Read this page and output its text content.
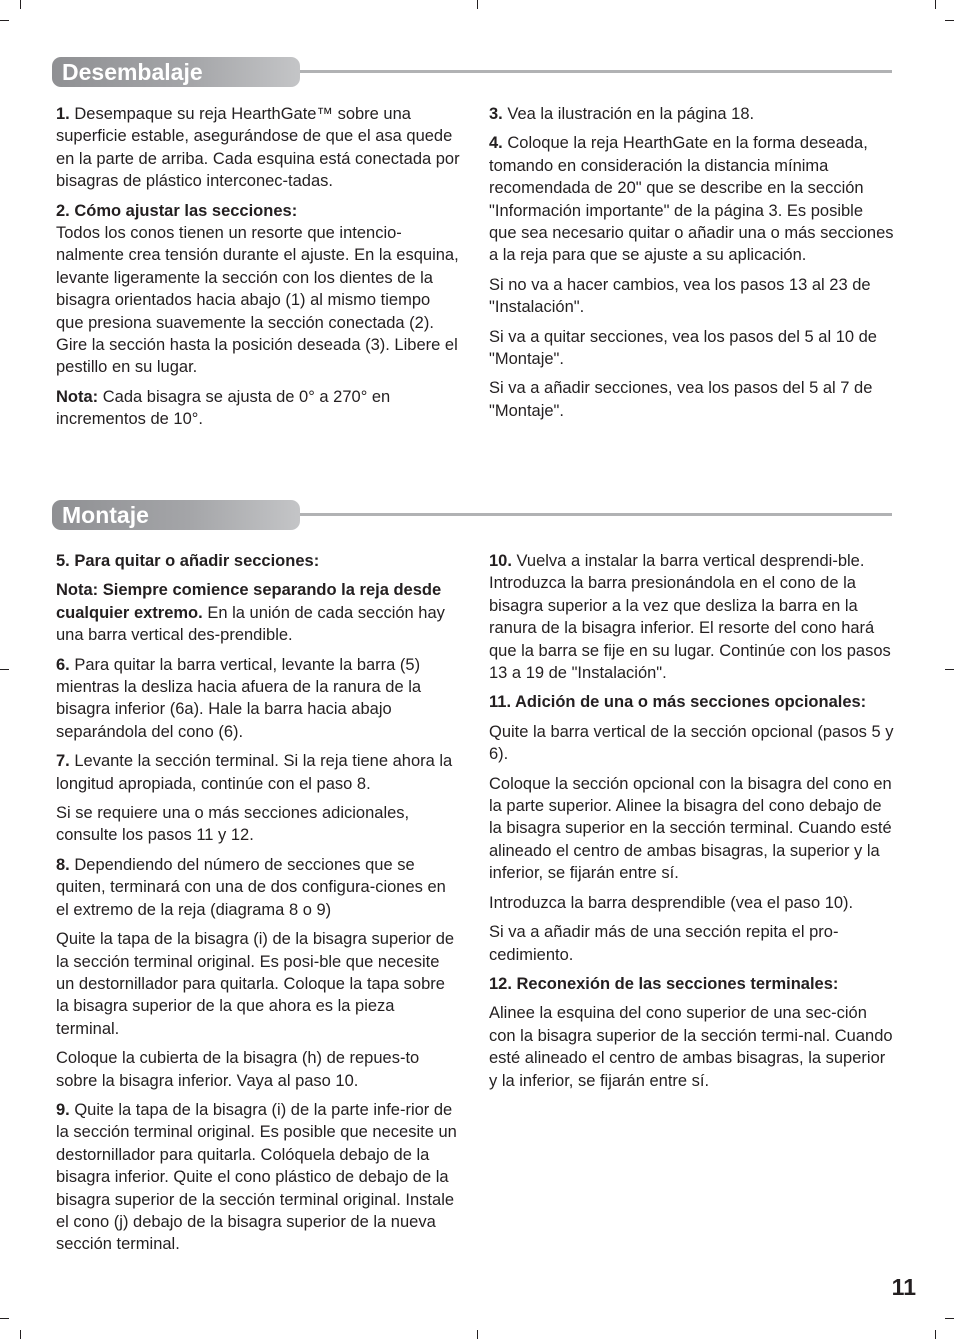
Desembalaje

1. Desempaque su reja HearthGate™ sobre una superficie estable, asegurándose de que el asa quede en la parte de arriba. Cada esquina está conectada por bisagras de plástico interconec-tadas.

2. Cómo ajustar las secciones:
Todos los conos tienen un resorte que intencio-nalmente crea tensión durante el ajuste. En la esquina, levante ligeramente la sección con los dientes de la bisagra orientados hacia abajo (1) al mismo tiempo que presiona suavemente la sección conectada (2). Gire la sección hasta la posición deseada (3). Libere el pestillo en su lugar.

Nota: Cada bisagra se ajusta de 0° a 270° en incrementos de 10°.

3. Vea la ilustración en la página 18.

4. Coloque la reja HearthGate en la forma deseada, tomando en consideración la distancia mínima recomendada de 20" que se describe en la sección "Información importante" de la página 3. Es posible que sea necesario quitar o añadir una o más secciones a la reja para que se ajuste a su aplicación.

Si no va a hacer cambios, vea los pasos 13 al 23 de "Instalación".

Si va a quitar secciones, vea los pasos del 5 al 10 de "Montaje".

Si va a añadir secciones, vea los pasos del 5 al 7 de "Montaje".

Montaje

5. Para quitar o añadir secciones:

Nota: Siempre comience separando la reja desde cualquier extremo. En la unión de cada sección hay una barra vertical des-prendible.

6. Para quitar la barra vertical, levante la barra (5) mientras la desliza hacia afuera de la ranura de la bisagra inferior (6a). Hale la barra hacia abajo separándola del cono (6).

7. Levante la sección terminal. Si la reja tiene ahora la longitud apropiada, continúe con el paso 8.

Si se requiere una o más secciones adicionales, consulte los pasos 11 y 12.

8. Dependiendo del número de secciones que se quiten, terminará con una de dos configura-ciones en el extremo de la reja (diagrama 8 o 9)

Quite la tapa de la bisagra (i) de la bisagra superior de la sección terminal original. Es posi-ble que necesite un destornillador para quitarla. Coloque la tapa sobre la bisagra superior de la que ahora es la pieza terminal.

Coloque la cubierta de la bisagra (h) de repues-to sobre la bisagra inferior. Vaya al paso 10.

9. Quite la tapa de la bisagra (i) de la parte infe-rior de la sección terminal original. Es posible que necesite un destornillador para quitarla. Colóquela debajo de la bisagra inferior. Quite el cono plástico de debajo de la bisagra superior de la sección terminal original. Instale el cono (j) debajo de la bisagra superior de la nueva sección terminal.

10. Vuelva a instalar la barra vertical desprendi-ble. Introduzca la barra presionándola en el cono de la bisagra superior a la vez que desliza la barra en la ranura de la bisagra inferior. El resorte del cono hará que la barra se fije en su lugar. Continúe con los pasos 13 a 19 de "Instalación".

11. Adición de una o más secciones opcionales:

Quite la barra vertical de la sección opcional (pasos 5 y 6).

Coloque la sección opcional con la bisagra del cono en la parte superior. Alinee la bisagra del cono debajo de la bisagra superior en la sección terminal. Cuando esté alineado el centro de ambas bisagras, la superior y la inferior, se fijarán entre sí.

Introduzca la barra desprendible (vea el paso 10).

Si va a añadir más de una sección repita el pro-cedimiento.

12. Reconexión de las secciones terminales:

Alinee la esquina del cono superior de una sec-ción con la bisagra superior de la sección termi-nal. Cuando esté alineado el centro de ambas bisagras, la superior y la inferior, se fijarán entre sí.

11
